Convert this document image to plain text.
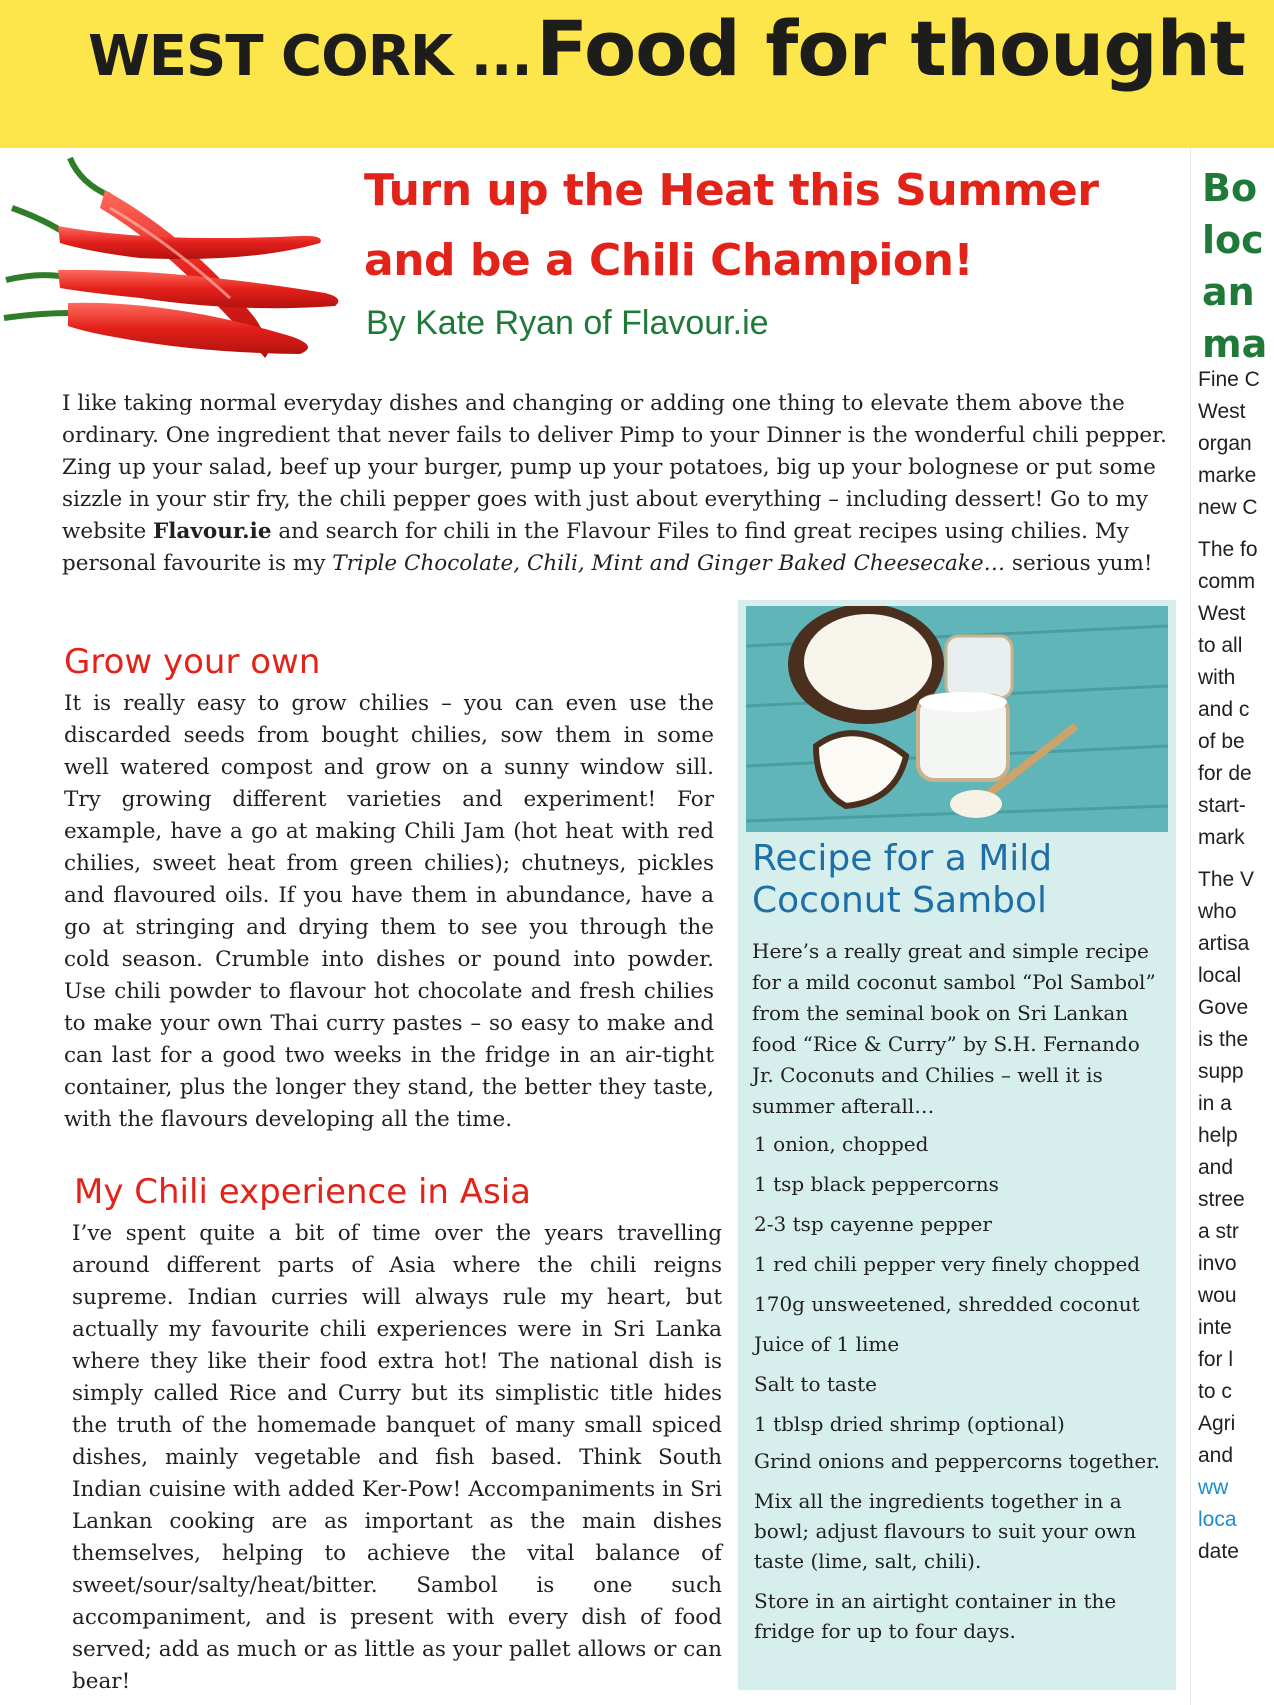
WEST CORK ... Food for thought
Turn up the Heat this Summer and be a Chili Champion!
By Kate Ryan of Flavour.ie
I like taking normal everyday dishes and changing or adding one thing to elevate them above the ordinary. One ingredient that never fails to deliver Pimp to your Dinner is the wonderful chili pepper. Zing up your salad, beef up your burger, pump up your potatoes, big up your bolognese or put some sizzle in your stir fry, the chili pepper goes with just about everything – including dessert! Go to my website Flavour.ie and search for chili in the Flavour Files to find great recipes using chilies. My personal favourite is my Triple Chocolate, Chili, Mint and Ginger Baked Cheesecake… serious yum!
Grow your own
It is really easy to grow chilies – you can even use the discarded seeds from bought chilies, sow them in some well watered compost and grow on a sunny window sill. Try growing different varieties and experiment! For example, have a go at making Chili Jam (hot heat with red chilies, sweet heat from green chilies); chutneys, pickles and flavoured oils. If you have them in abundance, have a go at stringing and drying them to see you through the cold season. Crumble into dishes or pound into powder. Use chili powder to flavour hot chocolate and fresh chilies to make your own Thai curry pastes – so easy to make and can last for a good two weeks in the fridge in an air-tight container, plus the longer they stand, the better they taste, with the flavours developing all the time.
My Chili experience in Asia
I’ve spent quite a bit of time over the years travelling around different parts of Asia where the chili reigns supreme. Indian curries will always rule my heart, but actually my favourite chili experiences were in Sri Lanka where they like their food extra hot! The national dish is simply called Rice and Curry but its simplistic title hides the truth of the homemade banquet of many small spiced dishes, mainly vegetable and fish based. Think South Indian cuisine with added Ker-Pow! Accompaniments in Sri Lankan cooking are as important as the main dishes themselves, helping to achieve the vital balance of sweet/sour/salty/heat/bitter. Sambol is one such accompaniment, and is present with every dish of food served; add as much or as little as your pallet allows or can bear!
Recipe for a Mild Coconut Sambol
Here’s a really great and simple recipe for a mild coconut sambol “Pol Sambol” from the seminal book on Sri Lankan food “Rice & Curry” by S.H. Fernando Jr. Coconuts and Chilies – well it is summer afterall…
1 onion, chopped
1 tsp black peppercorns
2-3 tsp cayenne pepper
1 red chili pepper very finely chopped
170g unsweetened, shredded coconut
Juice of 1 lime
Salt to taste
1 tblsp dried shrimp (optional)

Grind onions and peppercorns together.

Mix all the ingredients together in a bowl; adjust flavours to suit your own taste (lime, salt, chili).

Store in an airtight container in the fridge for up to four days.

Bo
loc
an
ma
Fine C
West
organ
marke
new C
The fo
comm
West
to all
with
and c
of be
for de
start-
mark
The V
who
artisa
local
Gove
is the
supp
in a
help
and
stree
a str
invo
wou
inte
for l
to c
Agri
and
ww
loca
date
